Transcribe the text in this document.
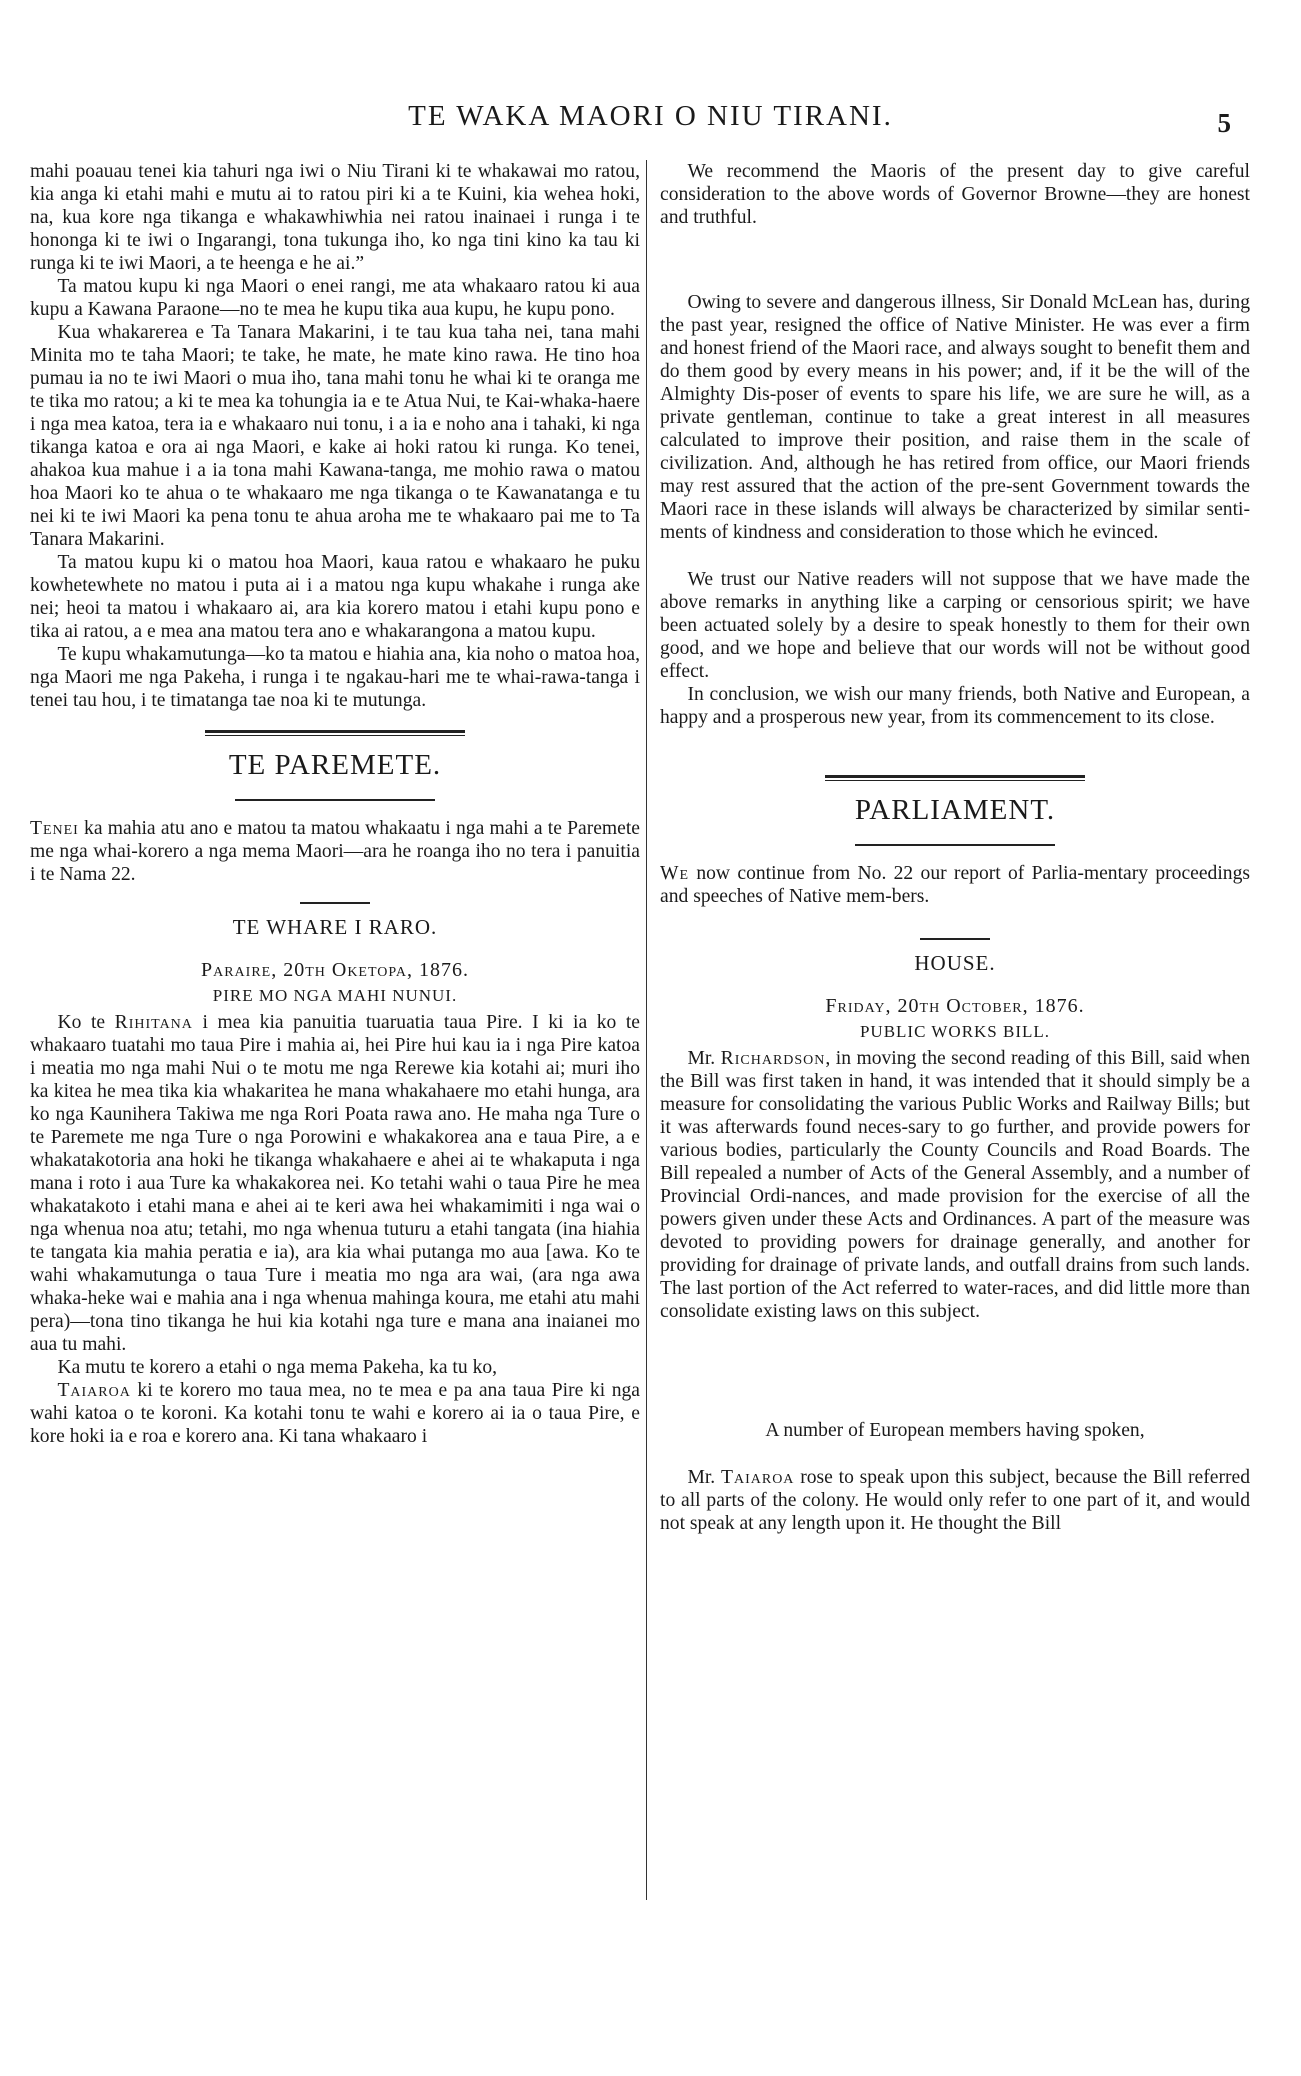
TE WAKA MAORI O NIU TIRANI.	5

mahi poauau tenei kia tahuri nga iwi o Niu Tirani ki te whakawai mo ratou, kia anga ki etahi mahi e mutu ai to ratou piri ki a te Kuini, kia wehea hoki, na, kua kore nga tikanga e whakawhiwhia nei ratou inainaei i runga i te hononga ki te iwi o Ingarangi, tona tukunga iho, ko nga tini kino ka tau ki runga ki te iwi Maori, a te heenga e he ai.”

Ta matou kupu ki nga Maori o enei rangi, me ata whakaaro ratou ki aua kupu a Kawana Paraone—no te mea he kupu tika aua kupu, he kupu pono.

Kua whakarerea e Ta Tanara Makarini, i te tau kua taha nei, tana mahi Minita mo te taha Maori; te take, he mate, he mate kino rawa. He tino hoa pumau ia no te iwi Maori o mua iho, tana mahi tonu he whai ki te oranga me te tika mo ratou; a ki te mea ka tohungia ia e te Atua Nui, te Kai-whaka-haere i nga mea katoa, tera ia e whakaaro nui tonu, i a ia e noho ana i tahaki, ki nga tikanga katoa e ora ai nga Maori, e kake ai hoki ratou ki runga. Ko tenei, ahakoa kua mahue i a ia tona mahi Kawana-tanga, me mohio rawa o matou hoa Maori ko te ahua o te whakaaro me nga tikanga o te Kawanatanga e tu nei ki te iwi Maori ka pena tonu te ahua aroha me te whakaaro pai me to Ta Tanara Makarini.

Ta matou kupu ki o matou hoa Maori, kaua ratou e whakaaro he puku kowhetewhete no matou i puta ai i a matou nga kupu whakahe i runga ake nei; heoi ta matou i whakaaro ai, ara kia korero matou i etahi kupu pono e tika ai ratou, a e mea ana matou tera ano e whakarangona a matou kupu.

Te kupu whakamutunga—ko ta matou e hiahia ana, kia noho o matoa hoa, nga Maori me nga Pakeha, i runga i te ngakau-hari me te whai-rawa-tanga i tenei tau hou, i te timatanga tae noa ki te mutunga.

TE PAREMETE.

Tenei ka mahia atu ano e matou ta matou whakaatu i nga mahi a te Paremete me nga whai-korero a nga mema Maori—ara he roanga iho no tera i panuitia i te Nama 22.

TE WHARE I RARO.
Paraire, 20th Oketopa, 1876.
PIRE MO NGA MAHI NUNUI.

Ko te Rihitana i mea kia panuitia tuaruatia taua Pire. I ki ia ko te whakaaro tuatahi mo taua Pire i mahia ai, hei Pire hui kau ia i nga Pire katoa i meatia mo nga mahi Nui o te motu me nga Rerewe kia kotahi ai; muri iho ka kitea he mea tika kia whakaritea he mana whakahaere mo etahi hunga, ara ko nga Kaunihera Takiwa me nga Rori Poata rawa ano. He maha nga Ture o te Paremete me nga Ture o nga Porowini e whakakorea ana e taua Pire, a e whakatakotoria ana hoki he tikanga whakahaere e ahei ai te whakaputa i nga mana i roto i aua Ture ka whakakorea nei. Ko tetahi wahi o taua Pire he mea whakatakoto i etahi mana e ahei ai te keri awa hei whakamimiti i nga wai o nga whenua noa atu; tetahi, mo nga whenua tuturu a etahi tangata (ina hiahia te tangata kia mahia peratia e ia), ara kia whai putanga mo aua [awa. Ko te wahi whakamutunga o taua Ture i meatia mo nga ara wai, (ara nga awa whaka-heke wai e mahia ana i nga whenua mahinga koura, me etahi atu mahi pera)—tona tino tikanga he hui kia kotahi nga ture e mana ana inaianei mo aua tu mahi.

Ka mutu te korero a etahi o nga mema Pakeha, ka tu ko,

Taiaroa ki te korero mo taua mea, no te mea e pa ana taua Pire ki nga wahi katoa o te koroni. Ka kotahi tonu te wahi e korero ai ia o taua Pire, e kore hoki ia e roa e korero ana. Ki tana whakaaro i

We recommend the Maoris of the present day to give careful consideration to the above words of Governor Browne—they are honest and truthful.

Owing to severe and dangerous illness, Sir Donald McLean has, during the past year, resigned the office of Native Minister. He was ever a firm and honest friend of the Maori race, and always sought to benefit them and do them good by every means in his power; and, if it be the will of the Almighty Dis-poser of events to spare his life, we are sure he will, as a private gentleman, continue to take a great interest in all measures calculated to improve their position, and raise them in the scale of civilization. And, although he has retired from office, our Maori friends may rest assured that the action of the pre-sent Government towards the Maori race in these islands will always be characterized by similar senti-ments of kindness and consideration to those which he evinced.

We trust our Native readers will not suppose that we have made the above remarks in anything like a carping or censorious spirit; we have been actuated solely by a desire to speak honestly to them for their own good, and we hope and believe that our words will not be without good effect.

In conclusion, we wish our many friends, both Native and European, a happy and a prosperous new year, from its commencement to its close.

PARLIAMENT.

We now continue from No. 22 our report of Parlia-mentary proceedings and speeches of Native mem-bers.

HOUSE.
Friday, 20th October, 1876.
PUBLIC WORKS BILL.

Mr. Richardson, in moving the second reading of this Bill, said when the Bill was first taken in hand, it was intended that it should simply be a measure for consolidating the various Public Works and Railway Bills; but it was afterwards found neces-sary to go further, and provide powers for various bodies, particularly the County Councils and Road Boards. The Bill repealed a number of Acts of the General Assembly, and a number of Provincial Ordi-nances, and made provision for the exercise of all the powers given under these Acts and Ordinances. A part of the measure was devoted to providing powers for drainage generally, and another for providing for drainage of private lands, and outfall drains from such lands. The last portion of the Act referred to water-races, and did little more than consolidate existing laws on this subject.

A number of European members having spoken,

Mr. Taiaroa rose to speak upon this subject, because the Bill referred to all parts of the colony. He would only refer to one part of it, and would not speak at any length upon it. He thought the Bill
